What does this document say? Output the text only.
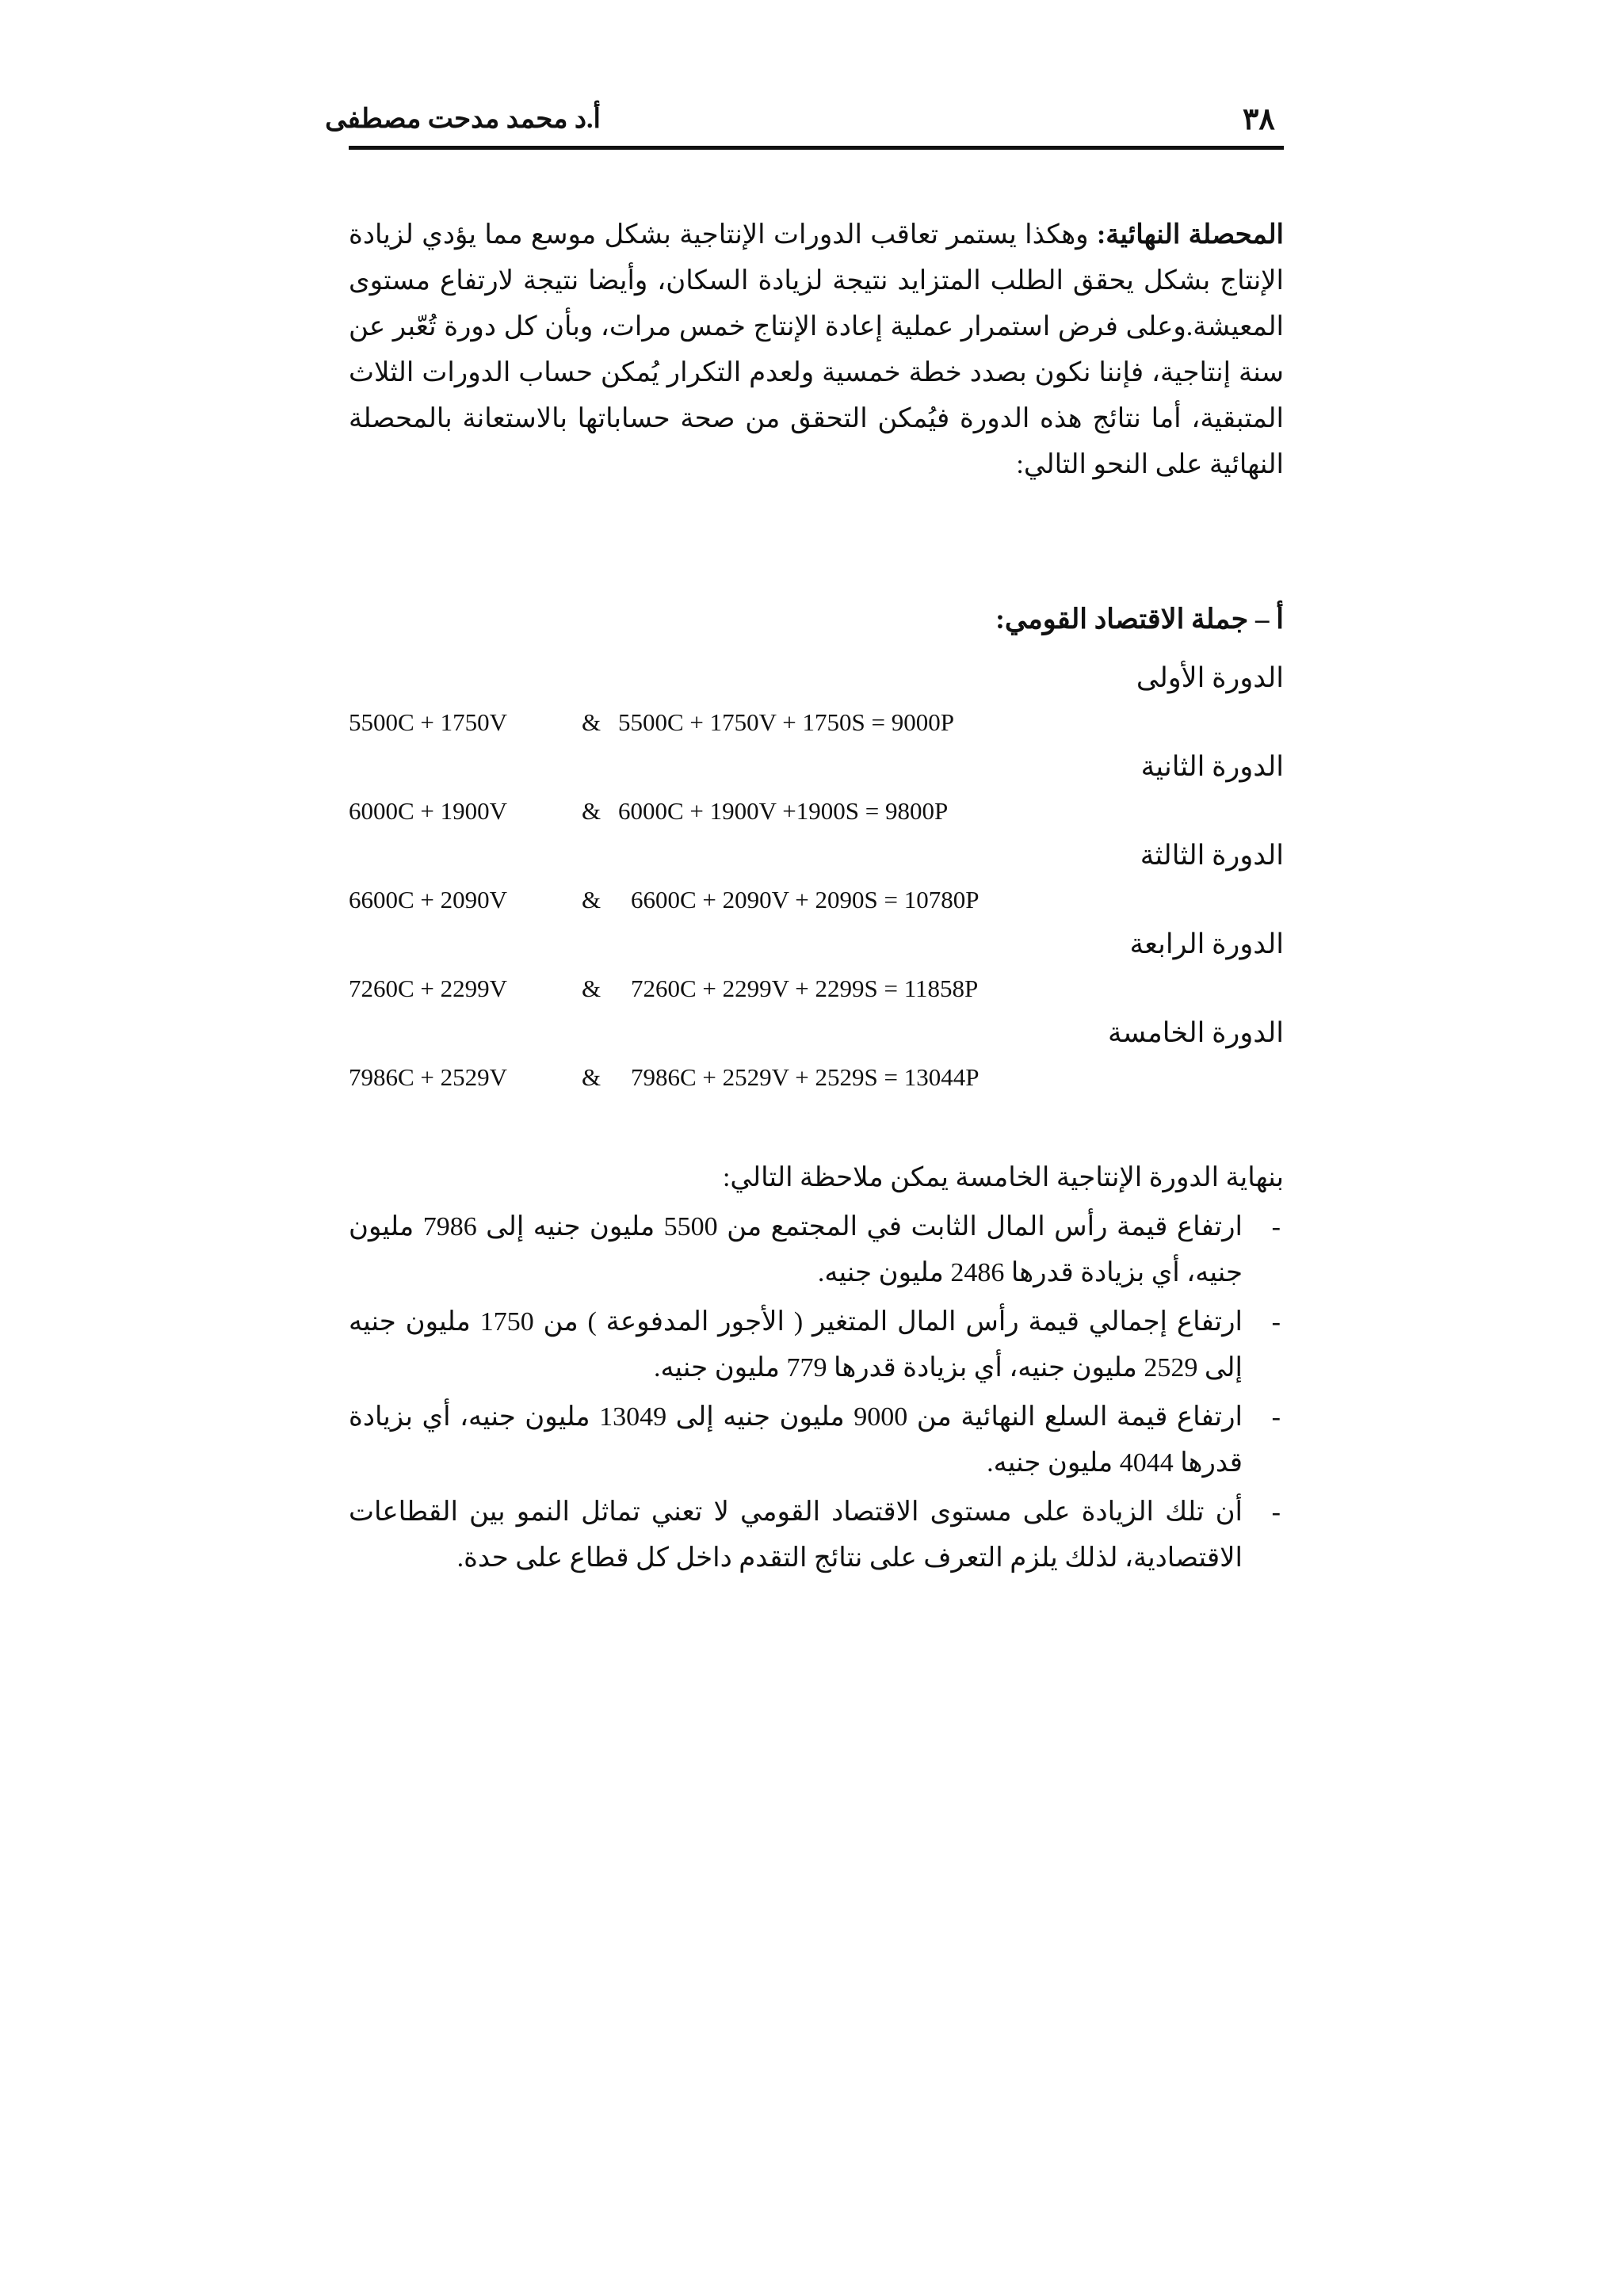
٣٨
أ.د محمد مدحت مصطفى
المحصلة النهائية: وهكذا يستمر تعاقب الدورات الإنتاجية بشكل موسع مما يؤدي لزيادة الإنتاج بشكل يحقق الطلب المتزايد نتيجة لزيادة السكان، وأيضا نتيجة لارتفاع مستوى المعيشة.وعلى فرض استمرار عملية إعادة الإنتاج خمس مرات، وبأن كل دورة تُعّبر عن سنة إنتاجية، فإننا نكون بصدد خطة خمسية ولعدم التكرار يُمكن حساب الدورات الثلاث المتبقية، أما نتائج هذه الدورة فيُمكن التحقق من صحة حساباتها بالاستعانة بالمحصلة النهائية على النحو التالي:
أ – جملة الاقتصاد القومي:
الدورة الأولى
5500C + 1750V	& 5500C + 1750V + 1750S = 9000P
الدورة الثانية
6000C + 1900V	& 6000C + 1900V +1900S = 9800P
الدورة الثالثة
6600C + 2090V	& 6600C + 2090V + 2090S = 10780P
الدورة الرابعة
7260C + 2299V	& 7260C + 2299V + 2299S = 11858P
الدورة الخامسة
7986C + 2529V	& 7986C + 2529V + 2529S = 13044P
بنهاية الدورة الإنتاجية الخامسة يمكن ملاحظة التالي:
-
ارتفاع قيمة رأس المال الثابت في المجتمع من 5500 مليون جنيه إلى 7986 مليون جنيه، أي بزيادة قدرها 2486 مليون جنيه.
-
ارتفاع إجمالي قيمة رأس المال المتغير ( الأجور المدفوعة ) من 1750 مليون جنيه إلى 2529 مليون جنيه، أي بزيادة قدرها 779 مليون جنيه.
-
ارتفاع قيمة السلع النهائية من 9000 مليون جنيه إلى 13049 مليون جنيه، أي بزيادة قدرها 4044 مليون جنيه.
-
أن تلك الزيادة على مستوى الاقتصاد القومي لا تعني تماثل النمو بين القطاعات الاقتصادية، لذلك يلزم التعرف على نتائج التقدم داخل كل قطاع على حدة.
